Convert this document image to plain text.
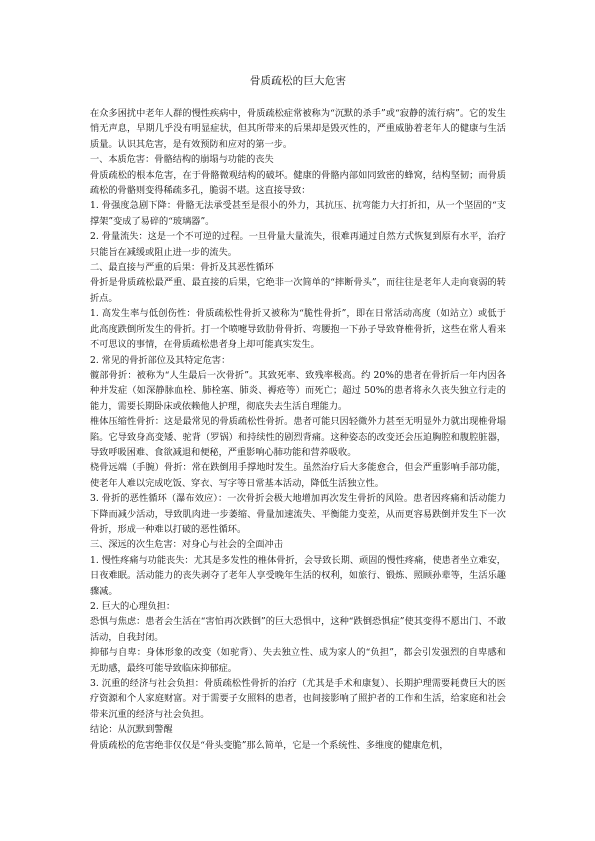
骨质疏松的巨大危害

在众多困扰中老年人群的慢性疾病中，骨质疏松症常被称为“沉默的杀手”或“寂静的流行病”。它的发生悄无声息，早期几乎没有明显症状，但其所带来的后果却是毁灭性的，严重威胁着老年人的健康与生活质量。认识其危害，是有效预防和应对的第一步。

一、本质危害：骨骼结构的崩塌与功能的丧失

骨质疏松的根本危害，在于骨骼微观结构的破坏。健康的骨骼内部如同致密的蜂窝，结构坚韧；而骨质疏松的骨骼则变得稀疏多孔，脆弱不堪。这直接导致：

1. 骨强度急剧下降：骨骼无法承受甚至是很小的外力，其抗压、抗弯能力大打折扣，从一个坚固的“支撑架”变成了易碎的“玻璃器”。

2. 骨量流失：这是一个不可逆的过程。一旦骨量大量流失，很难再通过自然方式恢复到原有水平，治疗只能旨在减缓或阻止进一步的流失。

二、最直接与严重的后果：骨折及其恶性循环

骨折是骨质疏松最严重、最直接的后果，它绝非一次简单的“摔断骨头”，而往往是老年人走向衰弱的转折点。

1. 高发生率与低创伤性：骨质疏松性骨折又被称为“脆性骨折”，即在日常活动高度（如站立）或低于此高度跌倒所发生的骨折。打一个喷嚏导致肋骨骨折、弯腰抱一下孙子导致脊椎骨折，这些在常人看来不可思议的事情，在骨质疏松患者身上却可能真实发生。

2. 常见的骨折部位及其特定危害：

髋部骨折：被称为“人生最后一次骨折”。其致死率、致残率极高。约 20%的患者在骨折后一年内因各种并发症（如深静脉血栓、肺栓塞、肺炎、褥疮等）而死亡；超过 50%的患者将永久丧失独立行走的能力，需要长期卧床或依赖他人护理，彻底失去生活自理能力。

椎体压缩性骨折：这是最常见的骨质疏松性骨折。患者可能只因轻微外力甚至无明显外力就出现椎骨塌陷。它导致身高变矮、驼背（罗锅）和持续性的剧烈背痛。这种姿态的改变还会压迫胸腔和腹腔脏器，导致呼吸困难、食欲减退和便秘，严重影响心肺功能和营养吸收。

桡骨远端（手腕）骨折：常在跌倒用手撑地时发生。虽然治疗后大多能愈合，但会严重影响手部功能，使老年人难以完成吃饭、穿衣、写字等日常基本活动，降低生活独立性。

3. 骨折的恶性循环（瀑布效应）：一次骨折会极大地增加再次发生骨折的风险。患者因疼痛和活动能力下降而减少活动，导致肌肉进一步萎缩、骨量加速流失、平衡能力变差，从而更容易跌倒并发生下一次骨折，形成一种难以打破的恶性循环。

三、深远的次生危害：对身心与社会的全面冲击

1. 慢性疼痛与功能丧失：尤其是多发性的椎体骨折，会导致长期、顽固的慢性疼痛，使患者坐立难安，日夜难眠。活动能力的丧失剥夺了老年人享受晚年生活的权利，如旅行、锻炼、照顾孙辈等，生活乐趣骤减。

2. 巨大的心理负担：

恐惧与焦虑：患者会生活在“害怕再次跌倒”的巨大恐惧中，这种“跌倒恐惧症”使其变得不愿出门、不敢活动，自我封闭。

抑郁与自卑：身体形象的改变（如驼背）、失去独立性、成为家人的“负担”，都会引发强烈的自卑感和无助感，最终可能导致临床抑郁症。

3. 沉重的经济与社会负担：骨质疏松性骨折的治疗（尤其是手术和康复）、长期护理需要耗费巨大的医疗资源和个人家庭财富。对于需要子女照料的患者，也间接影响了照护者的工作和生活，给家庭和社会带来沉重的经济与社会负担。

结论：从沉默到警醒

骨质疏松的危害绝非仅仅是“骨头变脆”那么简单，它是一个系统性、多维度的健康危机，
